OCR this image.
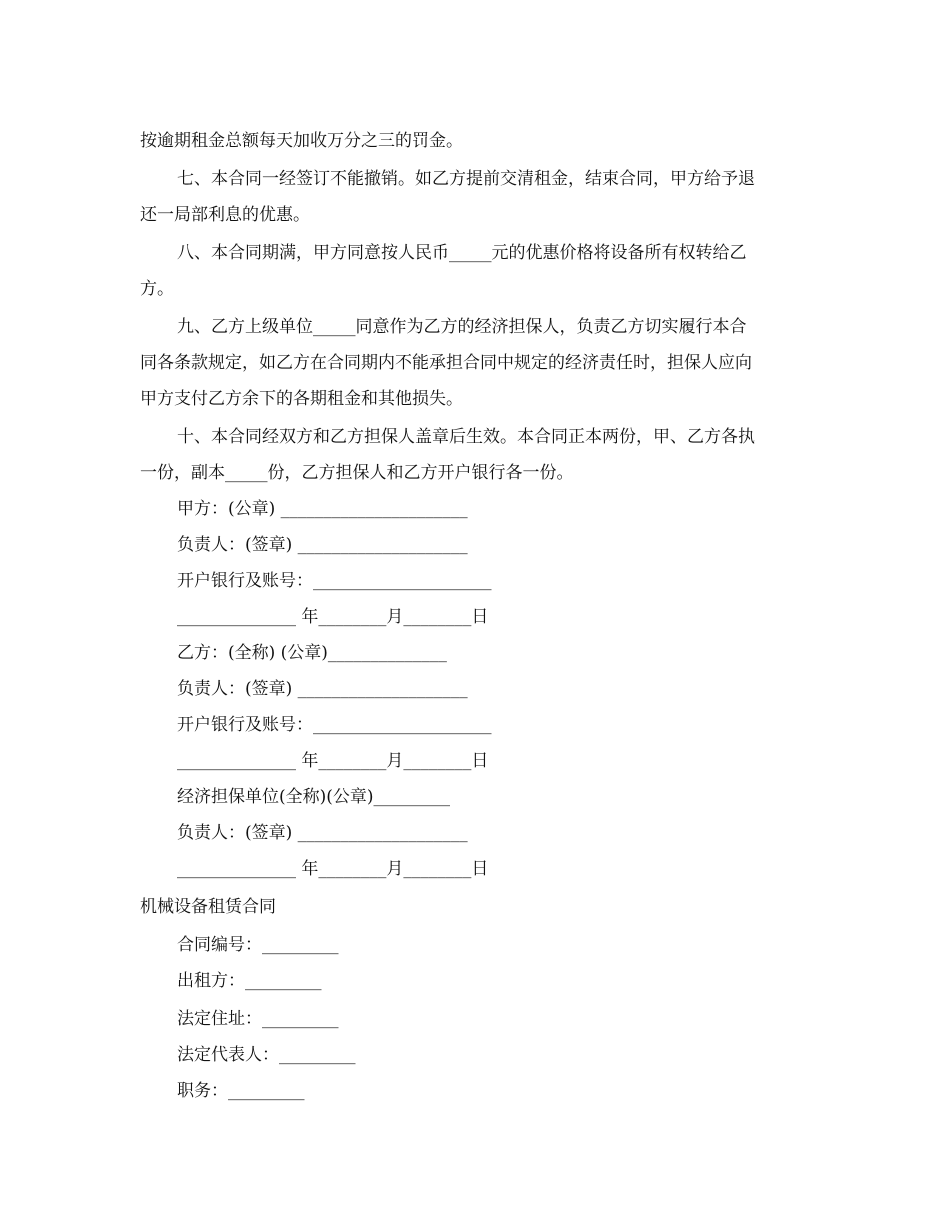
按逾期租金总额每天加收万分之三的罚金。
七、本合同一经签订不能撤销。如乙方提前交清租金，结束合同，甲方给予退
还一局部利息的优惠。
八、本合同期满，甲方同意按人民币_____元的优惠价格将设备所有权转给乙
方。
九、乙方上级单位_____同意作为乙方的经济担保人，负责乙方切实履行本合
同各条款规定，如乙方在合同期内不能承担合同中规定的经济责任时，担保人应向
甲方支付乙方余下的各期租金和其他损失。
十、本合同经双方和乙方担保人盖章后生效。本合同正本两份，甲、乙方各执
一份，副本_____份，乙方担保人和乙方开户银行各一份。
甲方：(公章) ______________________
负责人：(签章) ____________________
开户银行及账号：_____________________
______________ 年________月________日
乙方：(全称) (公章)______________
负责人：(签章) ____________________
开户银行及账号：_____________________
______________ 年________月________日
经济担保单位(全称)(公章)_________
负责人：(签章) ____________________
______________ 年________月________日
机械设备租赁合同
合同编号：_________
出租方：_________
法定住址：_________
法定代表人：_________
职务：_________
